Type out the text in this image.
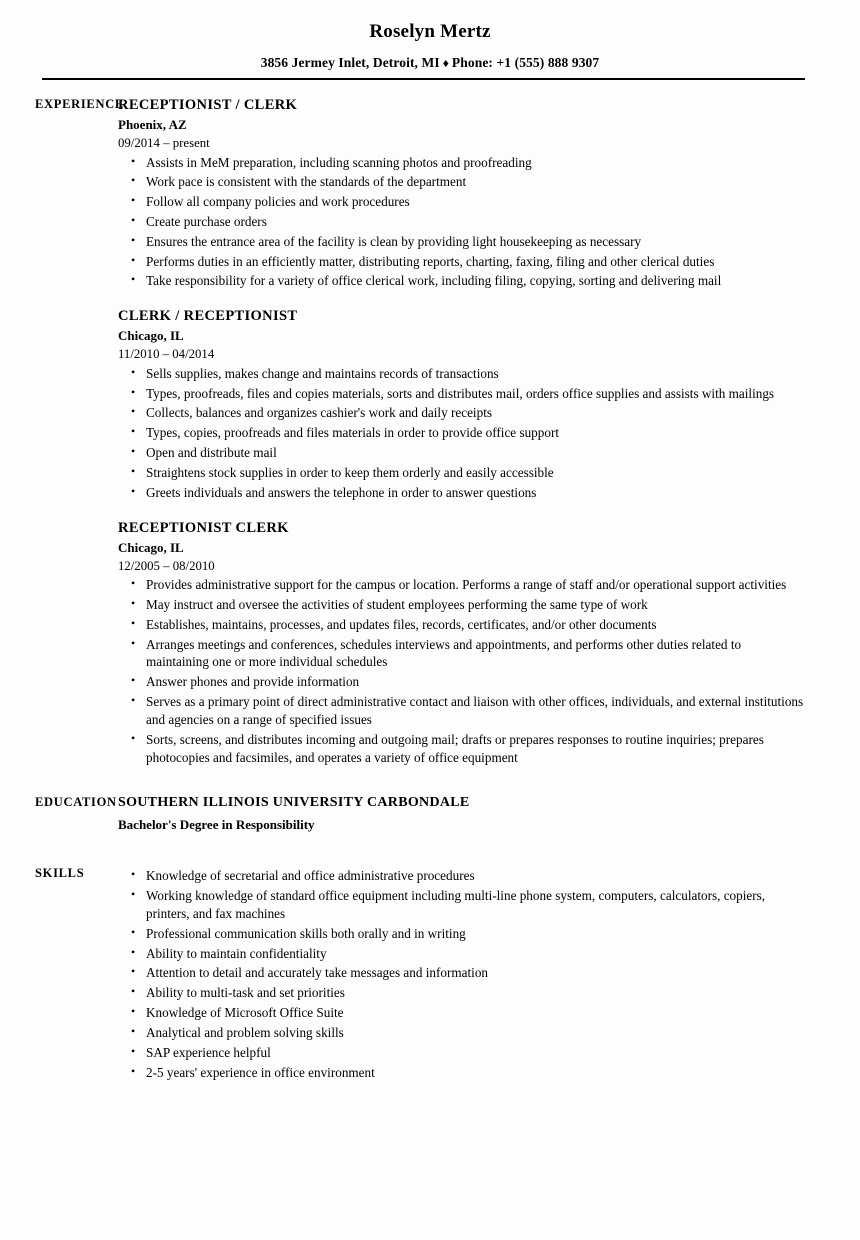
Roselyn Mertz
3856 Jermey Inlet, Detroit, MI ♦ Phone: +1 (555) 888 9307
EXPERIENCE
RECEPTIONIST / CLERK
Phoenix, AZ
09/2014 – present
• Assists in MeM preparation, including scanning photos and proofreading
• Work pace is consistent with the standards of the department
• Follow all company policies and work procedures
• Create purchase orders
• Ensures the entrance area of the facility is clean by providing light housekeeping as necessary
• Performs duties in an efficiently matter, distributing reports, charting, faxing, filing and other clerical duties
• Take responsibility for a variety of office clerical work, including filing, copying, sorting and delivering mail
CLERK / RECEPTIONIST
Chicago, IL
11/2010 – 04/2014
• Sells supplies, makes change and maintains records of transactions
• Types, proofreads, files and copies materials, sorts and distributes mail, orders office supplies and assists with mailings
• Collects, balances and organizes cashier's work and daily receipts
• Types, copies, proofreads and files materials in order to provide office support
• Open and distribute mail
• Straightens stock supplies in order to keep them orderly and easily accessible
• Greets individuals and answers the telephone in order to answer questions
RECEPTIONIST CLERK
Chicago, IL
12/2005 – 08/2010
• Provides administrative support for the campus or location. Performs a range of staff and/or operational support activities
• May instruct and oversee the activities of student employees performing the same type of work
• Establishes, maintains, processes, and updates files, records, certificates, and/or other documents
• Arranges meetings and conferences, schedules interviews and appointments, and performs other duties related to maintaining one or more individual schedules
• Answer phones and provide information
• Serves as a primary point of direct administrative contact and liaison with other offices, individuals, and external institutions and agencies on a range of specified issues
• Sorts, screens, and distributes incoming and outgoing mail; drafts or prepares responses to routine inquiries; prepares photocopies and facsimiles, and operates a variety of office equipment
EDUCATION SOUTHERN ILLINOIS UNIVERSITY CARBONDALE
Bachelor's Degree in Responsibility
SKILLS	• Knowledge of secretarial and office administrative procedures
• Working knowledge of standard office equipment including multi-line phone system, computers, calculators, copiers, printers, and fax machines
• Professional communication skills both orally and in writing
• Ability to maintain confidentiality
• Attention to detail and accurately take messages and information
• Ability to multi-task and set priorities
• Knowledge of Microsoft Office Suite
• Analytical and problem solving skills
• SAP experience helpful
• 2-5 years' experience in office environment
